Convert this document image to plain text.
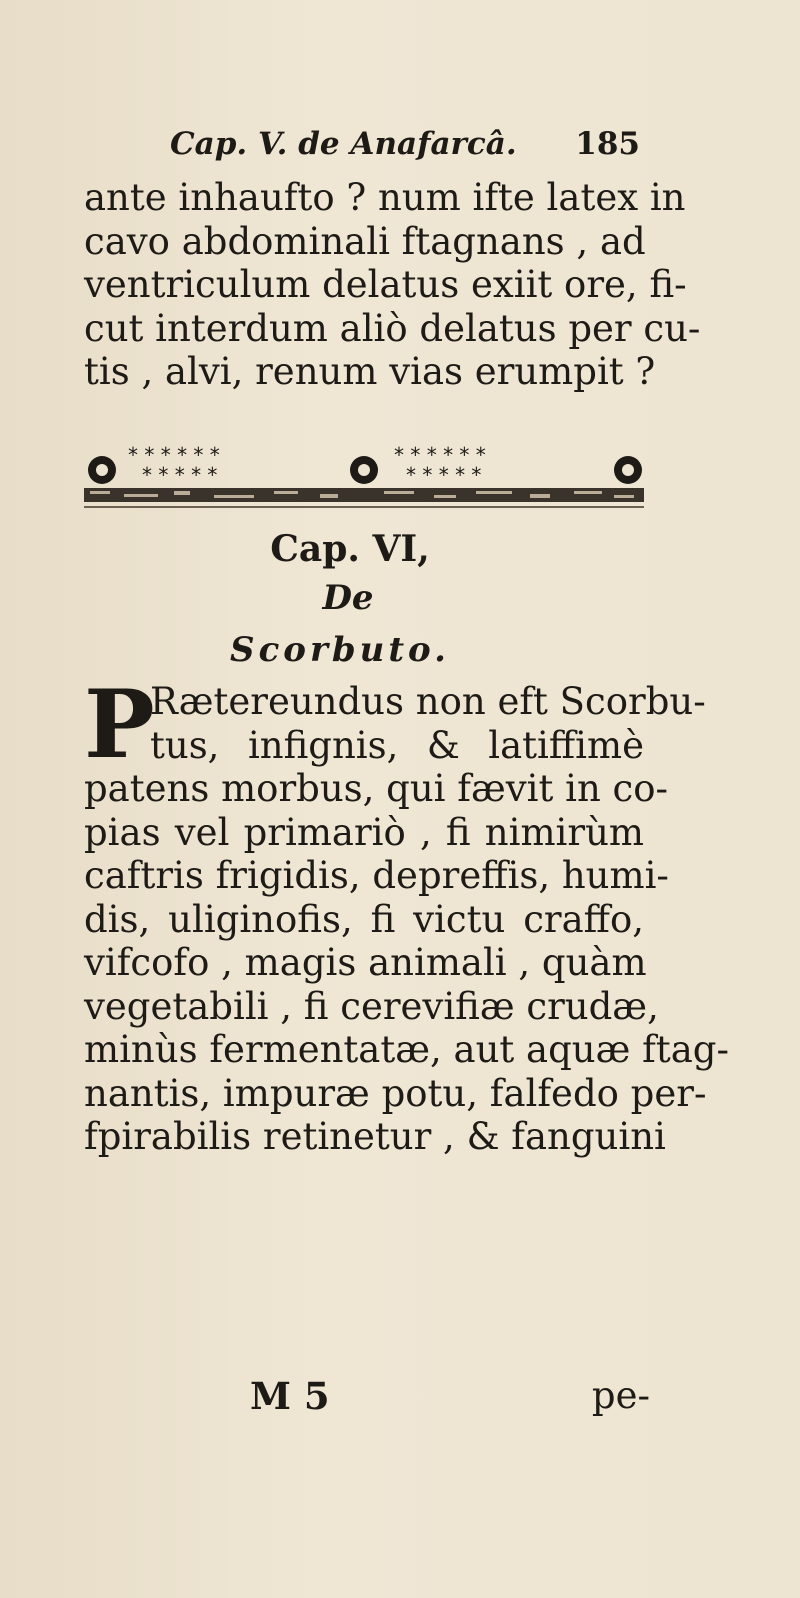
Cap. V. de Anafarcâ. 185
ante inhaufto ? num ifte latex in
cavo abdominali ftagnans , ad
ventriculum delatus exiit ore, fi-
cut interdum aliò delatus per cu-
tis , alvi, renum vias erumpit ?
* * * * * *
* * * * *
* * * * * *
* * * * *
Cap. VI,
De
Scorbuto.
P
Rætereundus non eft Scorbu-
tus, infignis, & latiffimè
patens morbus, qui fævit in co-
pias vel primariò , fi nimirùm
caftris frigidis, depreffis, humi-
dis, uliginofis, fi victu craffo,
vifcofo , magis animali , quàm
vegetabili , fi cerevifiæ crudæ,
minùs fermentatæ, aut aquæ ftag-
nantis, impuræ potu, falfedo per-
fpirabilis retinetur , & fanguini
M 5	pe-
